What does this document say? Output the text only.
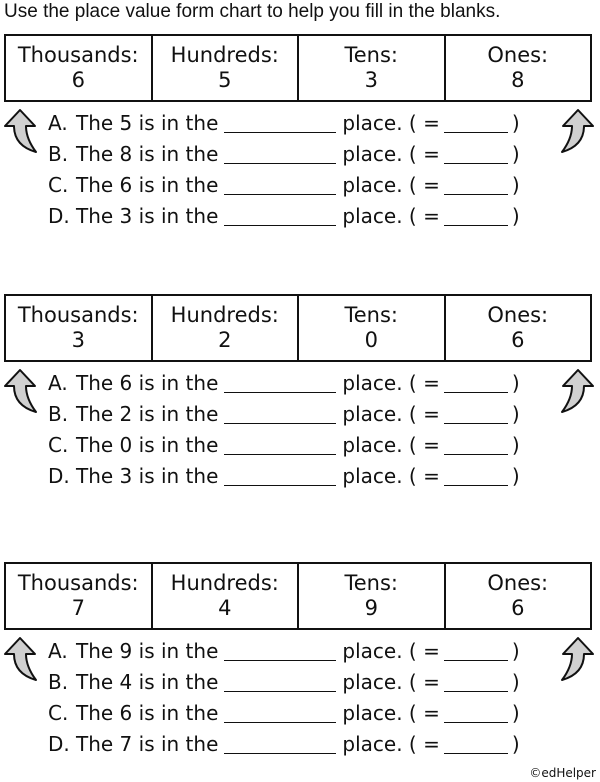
Use the place value form chart to help you fill in the blanks.
Thousands:
6
Hundreds:
5
Tens:
3
Ones:
8
A. The 5 is in the	place. ( =	)
B. The 8 is in the	place. ( =	)
C. The 6 is in the	place. ( =	)
D. The 3 is in the	place. ( =	)
Thousands:
3
Hundreds:
2
Tens:
0
Ones:
6
A. The 6 is in the	place. ( =	)
B. The 2 is in the	place. ( =	)
C. The 0 is in the	place. ( =	)
D. The 3 is in the	place. ( =	)
Thousands:
7
Hundreds:
4
Tens:
9
Ones:
6
A. The 9 is in the	place. ( =	)
B. The 4 is in the	place. ( =	)
C. The 6 is in the	place. ( =	)
D. The 7 is in the	place. ( =	)
©edHelper
